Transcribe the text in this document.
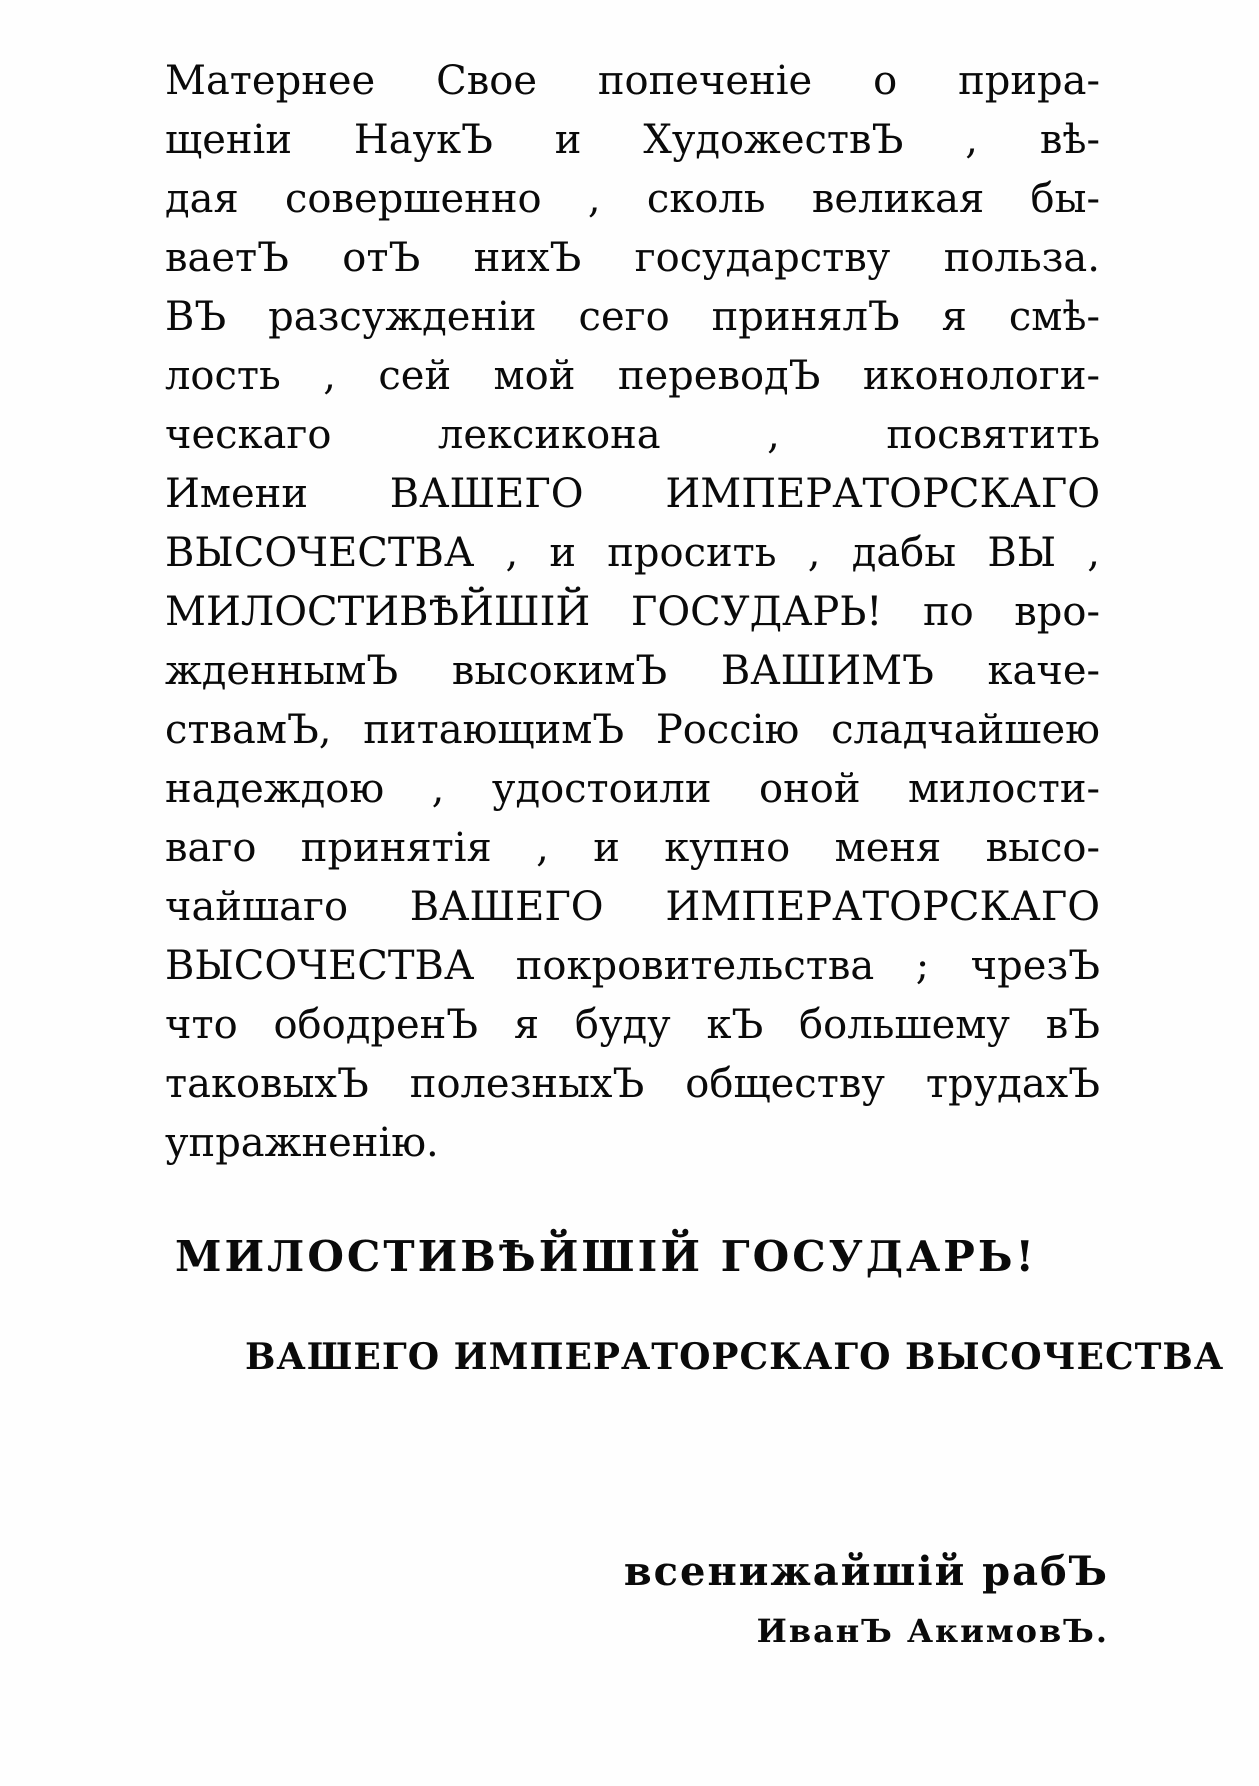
Матернее Свое попеченiе о прира-
щенiи НаукЪ и ХудожествЪ , вѣ-
дая совершенно , сколь великая бы-
ваетЪ отЪ нихЪ государству польза.
ВЪ разсужденiи сего принялЪ я смѣ-
лость , сей мой переводЪ иконологи-
ческаго лексикона , посвятить
Имени ВАШЕГО ИМПЕРАТОРСКАГО
ВЫСОЧЕСТВА , и просить , дабы ВЫ ,
МИЛОСТИВѢЙШIЙ ГОСУДАРЬ! по вро-
жденнымЪ высокимЪ ВАШИМЪ каче-
ствамЪ, питающимЪ Россiю сладчайшею
надеждою , удостоили оной милости-
ваго принятiя , и купно меня высо-
чайшаго ВАШЕГО ИМПЕРАТОРСКАГО
ВЫСОЧЕСТВА покровительства ; чрезЪ
что ободренЪ я буду кЪ большему вЪ
таковыхЪ полезныхЪ обществу трудахЪ
упражненiю.
МИЛОСТИВѢЙШIЙ ГОСУДАРЬ!
ВАШЕГО ИМПЕРАТОРСКАГО ВЫСОЧЕСТВА
всенижайшiй рабЪ
ИванЪ АкимовЪ.
